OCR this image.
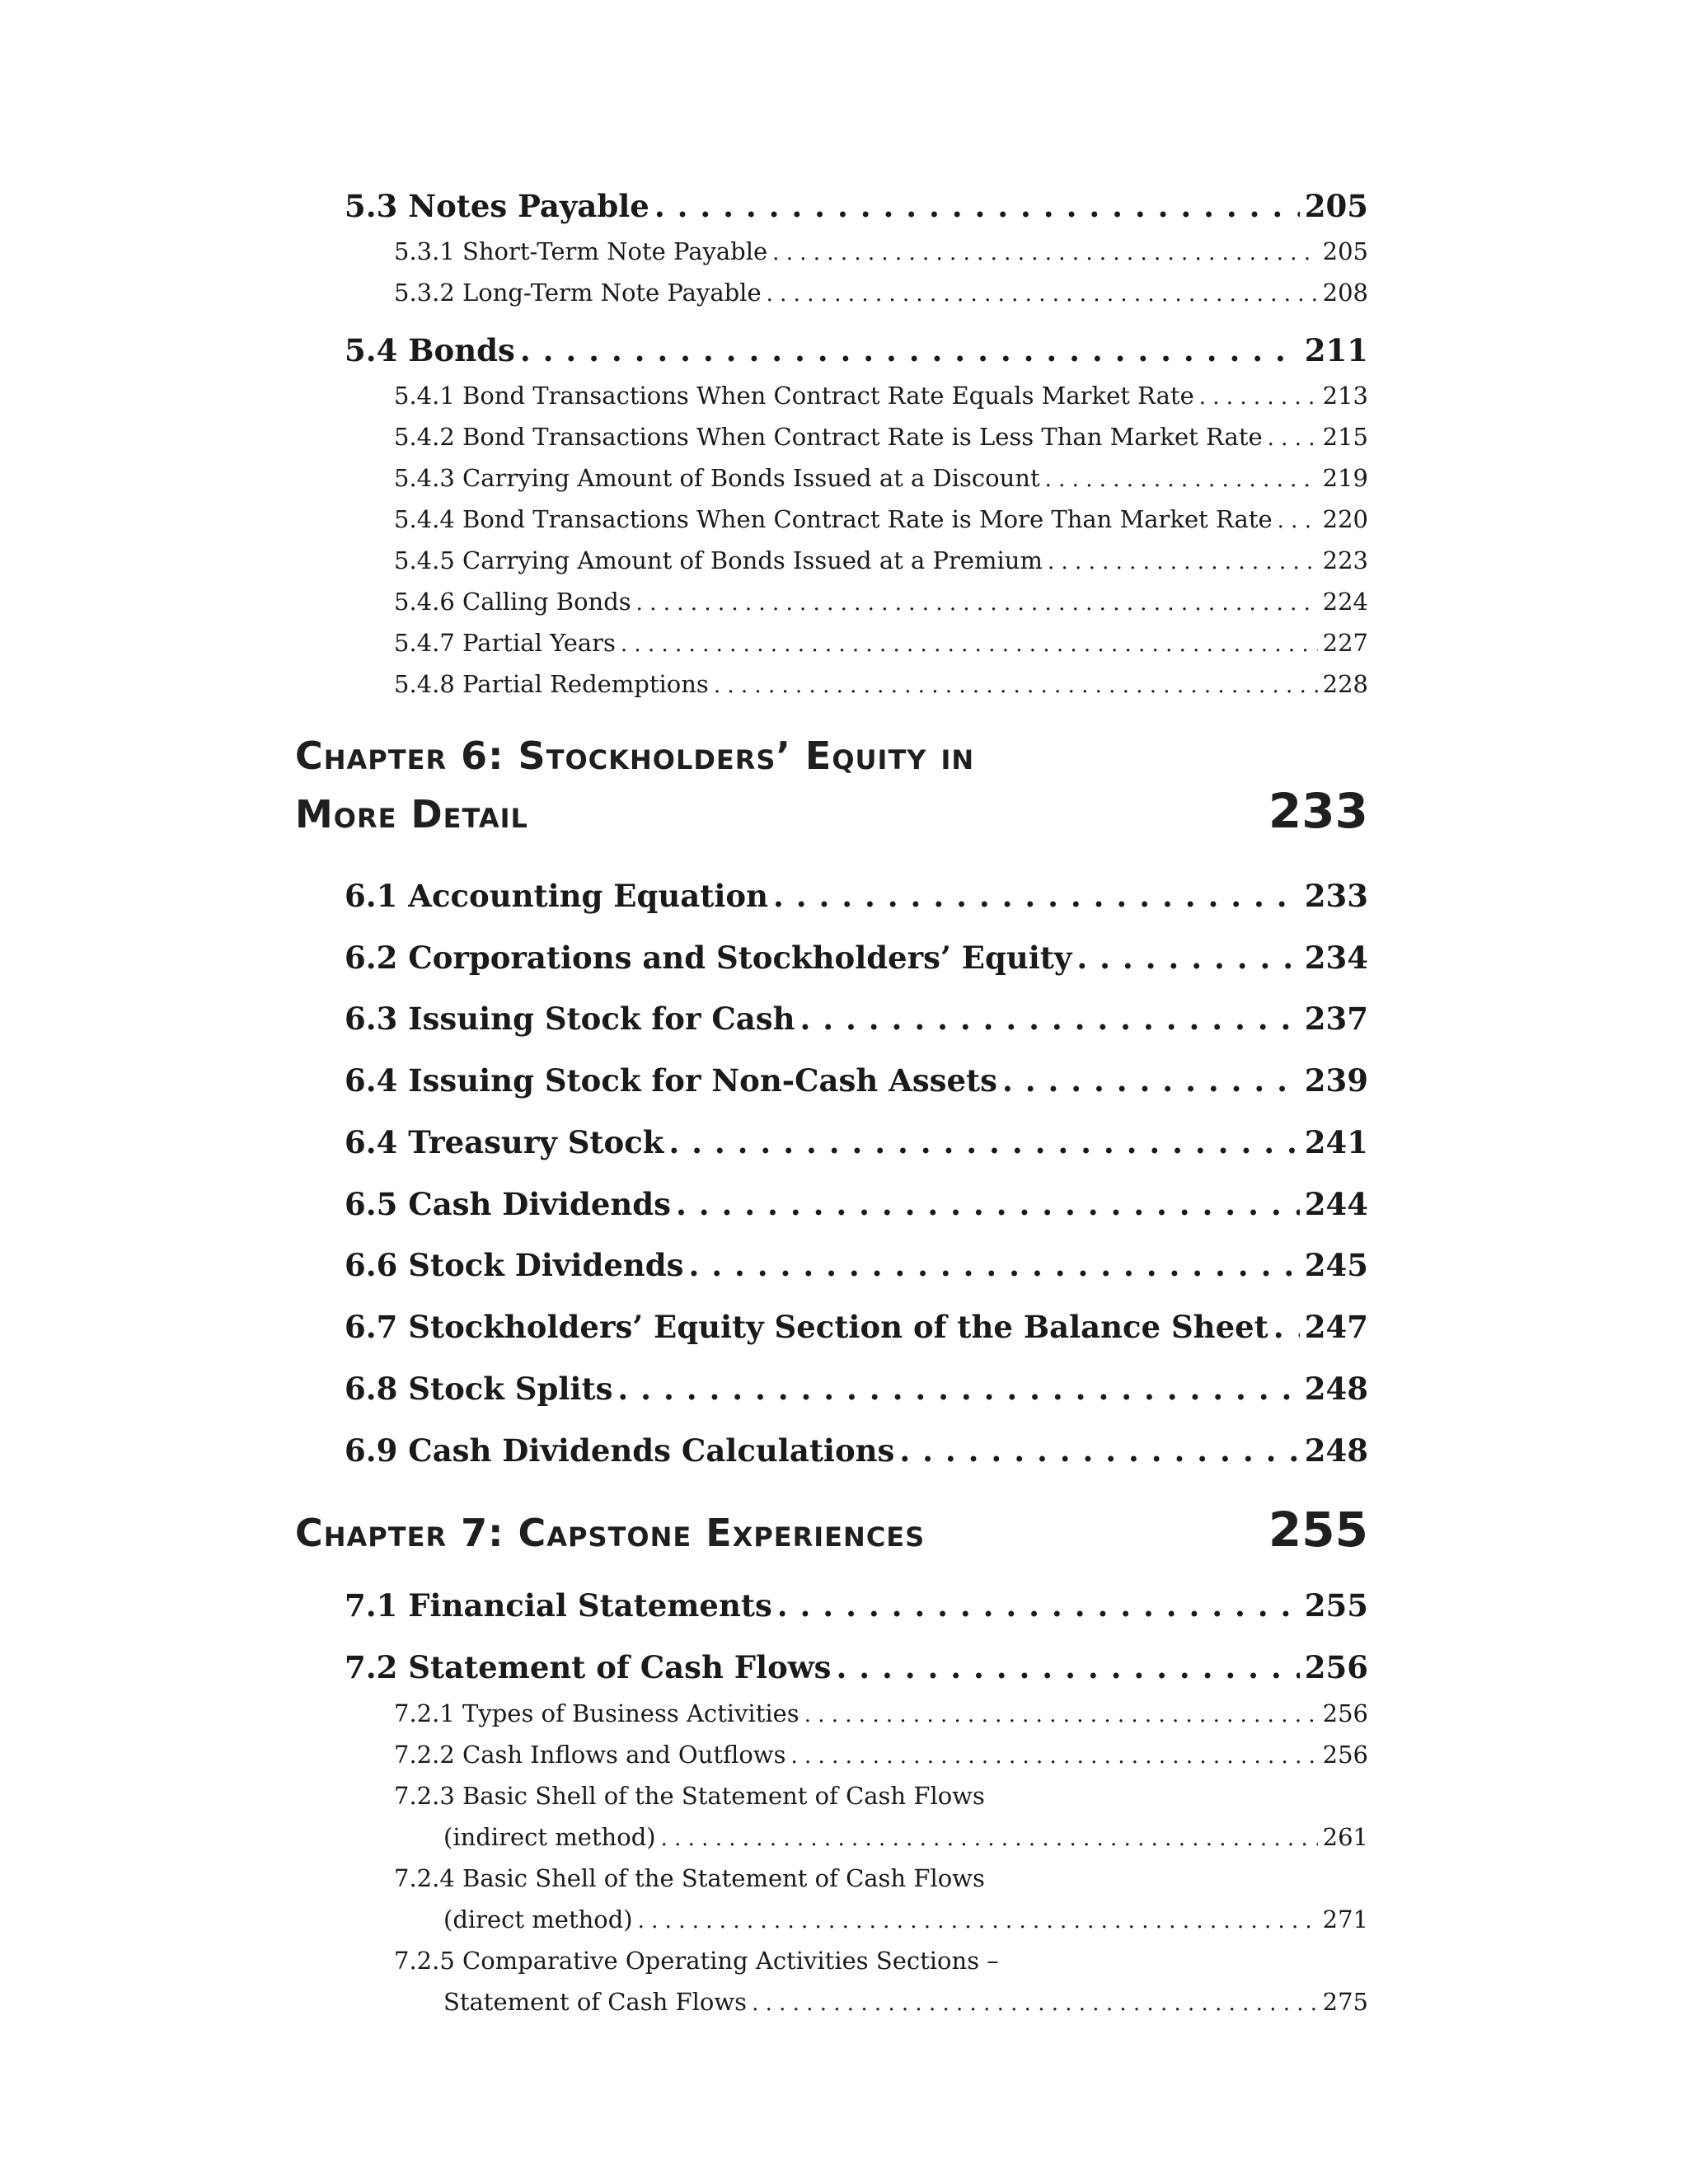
5.3 Notes Payable . . .	205
5.3.1 Short-Term Note Payable . . .	205
5.3.2 Long-Term Note Payable . . .	208
5.4 Bonds . . .	211
5.4.1 Bond Transactions When Contract Rate Equals Market Rate . . .	213
5.4.2 Bond Transactions When Contract Rate is Less Than Market Rate . . .	215
5.4.3 Carrying Amount of Bonds Issued at a Discount . . .	219
5.4.4 Bond Transactions When Contract Rate is More Than Market Rate . . . 220
5.4.5 Carrying Amount of Bonds Issued at a Premium . . .	223
5.4.6 Calling Bonds . . .	224
5.4.7 Partial Years . . .	227
5.4.8 Partial Redemptions . . .	228
Chapter 6: Stockholders’ Equity in
More Detail	233
6.1 Accounting Equation . . .	233
6.2 Corporations and Stockholders’ Equity . . .	234
6.3 Issuing Stock for Cash . . .	237
6.4 Issuing Stock for Non-Cash Assets . . .	239
6.4 Treasury Stock . . .	241
6.5 Cash Dividends . . .	244
6.6 Stock Dividends . . .	245
6.7 Stockholders’ Equity Section of the Balance Sheet . . . 247
6.8 Stock Splits . . .	248
6.9 Cash Dividends Calculations . . .	248
Chapter 7: Capstone Experiences	255
7.1 Financial Statements . . .	255
7.2 Statement of Cash Flows . . .	256
7.2.1 Types of Business Activities . . .	256
7.2.2 Cash Inflows and Outflows . . .	256
7.2.3 Basic Shell of the Statement of Cash Flows
(indirect method) . . .	261
7.2.4 Basic Shell of the Statement of Cash Flows
(direct method) . . .	271
7.2.5 Comparative Operating Activities Sections –
Statement of Cash Flows . . .	275
